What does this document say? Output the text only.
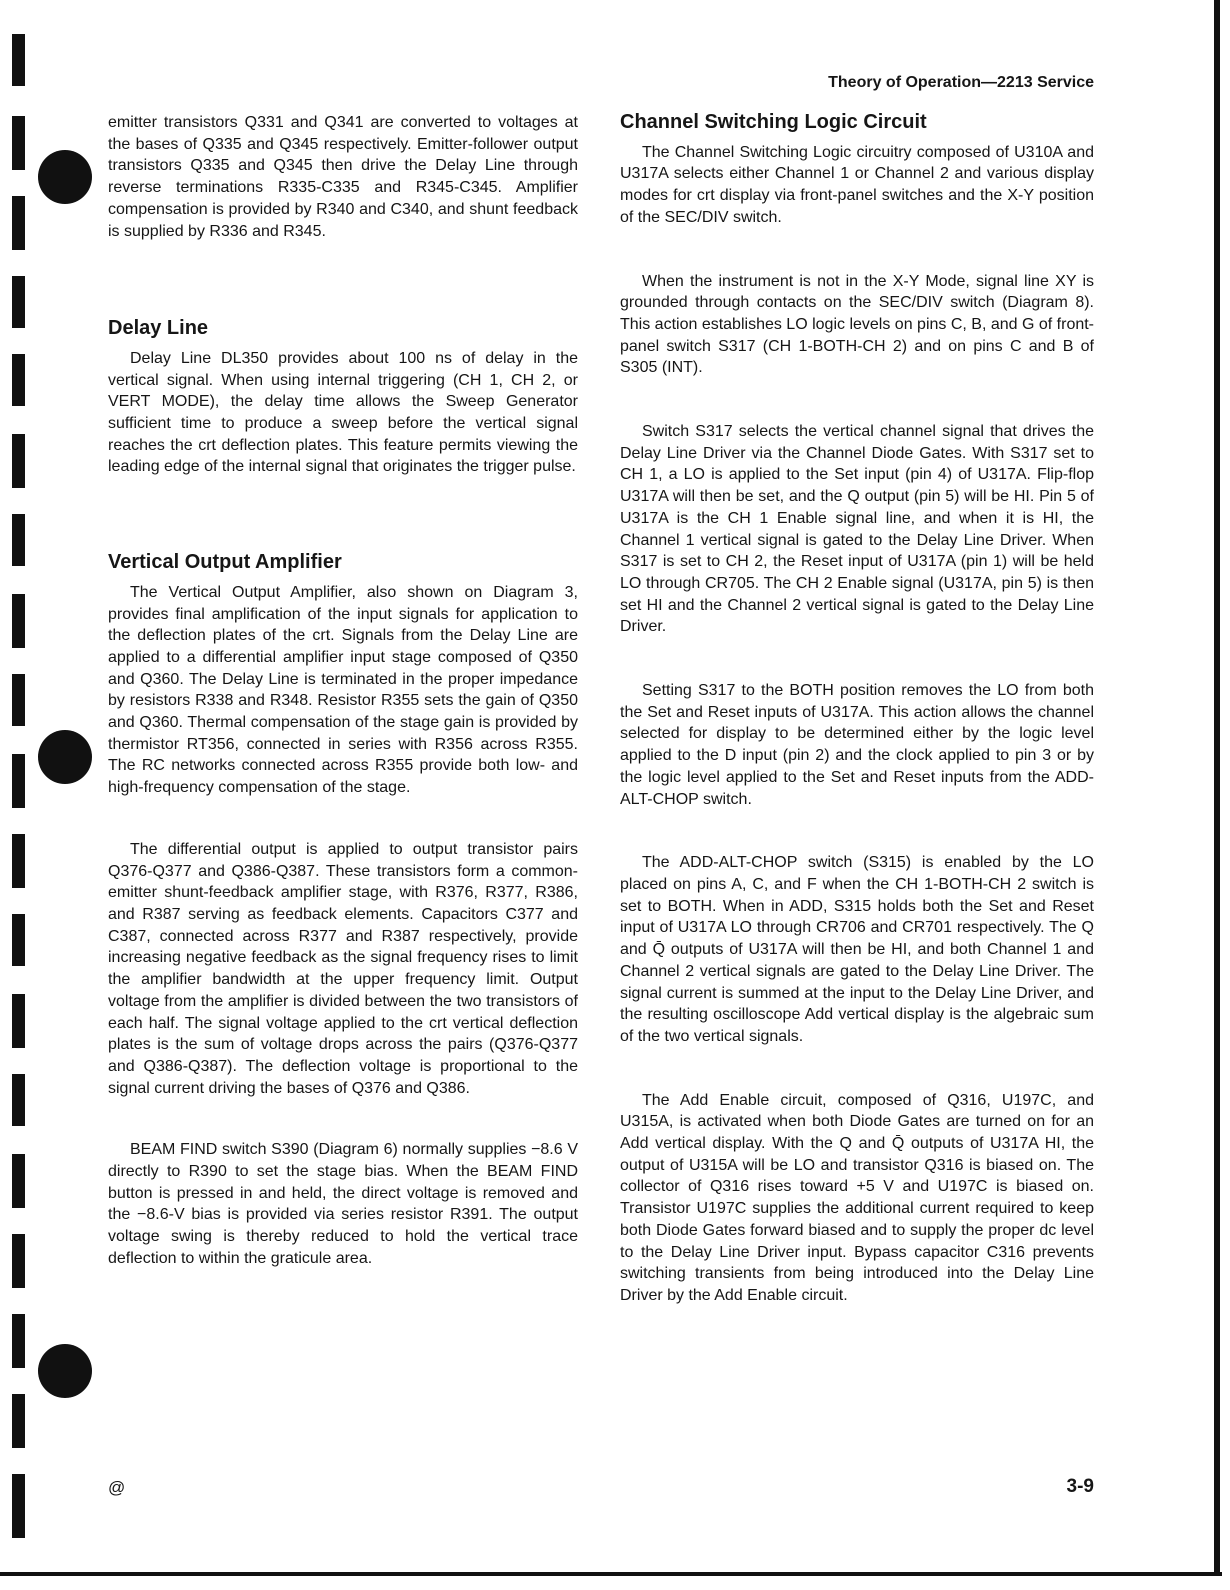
Theory of Operation—2213 Service

emitter transistors Q331 and Q341 are converted to voltages at the bases of Q335 and Q345 respectively. Emitter-follower output transistors Q335 and Q345 then drive the Delay Line through reverse terminations R335-C335 and R345-C345. Amplifier compensation is provided by R340 and C340, and shunt feedback is supplied by R336 and R345.

Delay Line

Delay Line DL350 provides about 100 ns of delay in the vertical signal. When using internal triggering (CH 1, CH 2, or VERT MODE), the delay time allows the Sweep Generator sufficient time to produce a sweep before the vertical signal reaches the crt deflection plates. This feature permits viewing the leading edge of the internal signal that originates the trigger pulse.

Vertical Output Amplifier

The Vertical Output Amplifier, also shown on Diagram 3, provides final amplification of the input signals for application to the deflection plates of the crt. Signals from the Delay Line are applied to a differential amplifier input stage composed of Q350 and Q360. The Delay Line is terminated in the proper impedance by resistors R338 and R348. Resistor R355 sets the gain of Q350 and Q360. Thermal compensation of the stage gain is provided by thermistor RT356, connected in series with R356 across R355. The RC networks connected across R355 provide both low- and high-frequency compensation of the stage.

The differential output is applied to output transistor pairs Q376-Q377 and Q386-Q387. These transistors form a common-emitter shunt-feedback amplifier stage, with R376, R377, R386, and R387 serving as feedback elements. Capacitors C377 and C387, connected across R377 and R387 respectively, provide increasing negative feedback as the signal frequency rises to limit the amplifier bandwidth at the upper frequency limit. Output voltage from the amplifier is divided between the two transistors of each half. The signal voltage applied to the crt vertical deflection plates is the sum of voltage drops across the pairs (Q376-Q377 and Q386-Q387). The deflection voltage is proportional to the signal current driving the bases of Q376 and Q386.

BEAM FIND switch S390 (Diagram 6) normally supplies −8.6 V directly to R390 to set the stage bias. When the BEAM FIND button is pressed in and held, the direct voltage is removed and the −8.6-V bias is provided via series resistor R391. The output voltage swing is thereby reduced to hold the vertical trace deflection to within the graticule area.

Channel Switching Logic Circuit

The Channel Switching Logic circuitry composed of U310A and U317A selects either Channel 1 or Channel 2 and various display modes for crt display via front-panel switches and the X-Y position of the SEC/DIV switch.

When the instrument is not in the X-Y Mode, signal line XY is grounded through contacts on the SEC/DIV switch (Diagram 8). This action establishes LO logic levels on pins C, B, and G of front-panel switch S317 (CH 1-BOTH-CH 2) and on pins C and B of S305 (INT).

Switch S317 selects the vertical channel signal that drives the Delay Line Driver via the Channel Diode Gates. With S317 set to CH 1, a LO is applied to the Set input (pin 4) of U317A. Flip-flop U317A will then be set, and the Q output (pin 5) will be HI. Pin 5 of U317A is the CH 1 Enable signal line, and when it is HI, the Channel 1 vertical signal is gated to the Delay Line Driver. When S317 is set to CH 2, the Reset input of U317A (pin 1) will be held LO through CR705. The CH 2 Enable signal (U317A, pin 5) is then set HI and the Channel 2 vertical signal is gated to the Delay Line Driver.

Setting S317 to the BOTH position removes the LO from both the Set and Reset inputs of U317A. This action allows the channel selected for display to be determined either by the logic level applied to the D input (pin 2) and the clock applied to pin 3 or by the logic level applied to the Set and Reset inputs from the ADD-ALT-CHOP switch.

The ADD-ALT-CHOP switch (S315) is enabled by the LO placed on pins A, C, and F when the CH 1-BOTH-CH 2 switch is set to BOTH. When in ADD, S315 holds both the Set and Reset input of U317A LO through CR706 and CR701 respectively. The Q and Q̄ outputs of U317A will then be HI, and both Channel 1 and Channel 2 vertical signals are gated to the Delay Line Driver. The signal current is summed at the input to the Delay Line Driver, and the resulting oscilloscope Add vertical display is the algebraic sum of the two vertical signals.

The Add Enable circuit, composed of Q316, U197C, and U315A, is activated when both Diode Gates are turned on for an Add vertical display. With the Q and Q̄ outputs of U317A HI, the output of U315A will be LO and transistor Q316 is biased on. The collector of Q316 rises toward +5 V and U197C is biased on. Transistor U197C supplies the additional current required to keep both Diode Gates forward biased and to supply the proper dc level to the Delay Line Driver input. Bypass capacitor C316 prevents switching transients from being introduced into the Delay Line Driver by the Add Enable circuit.

@	3-9
